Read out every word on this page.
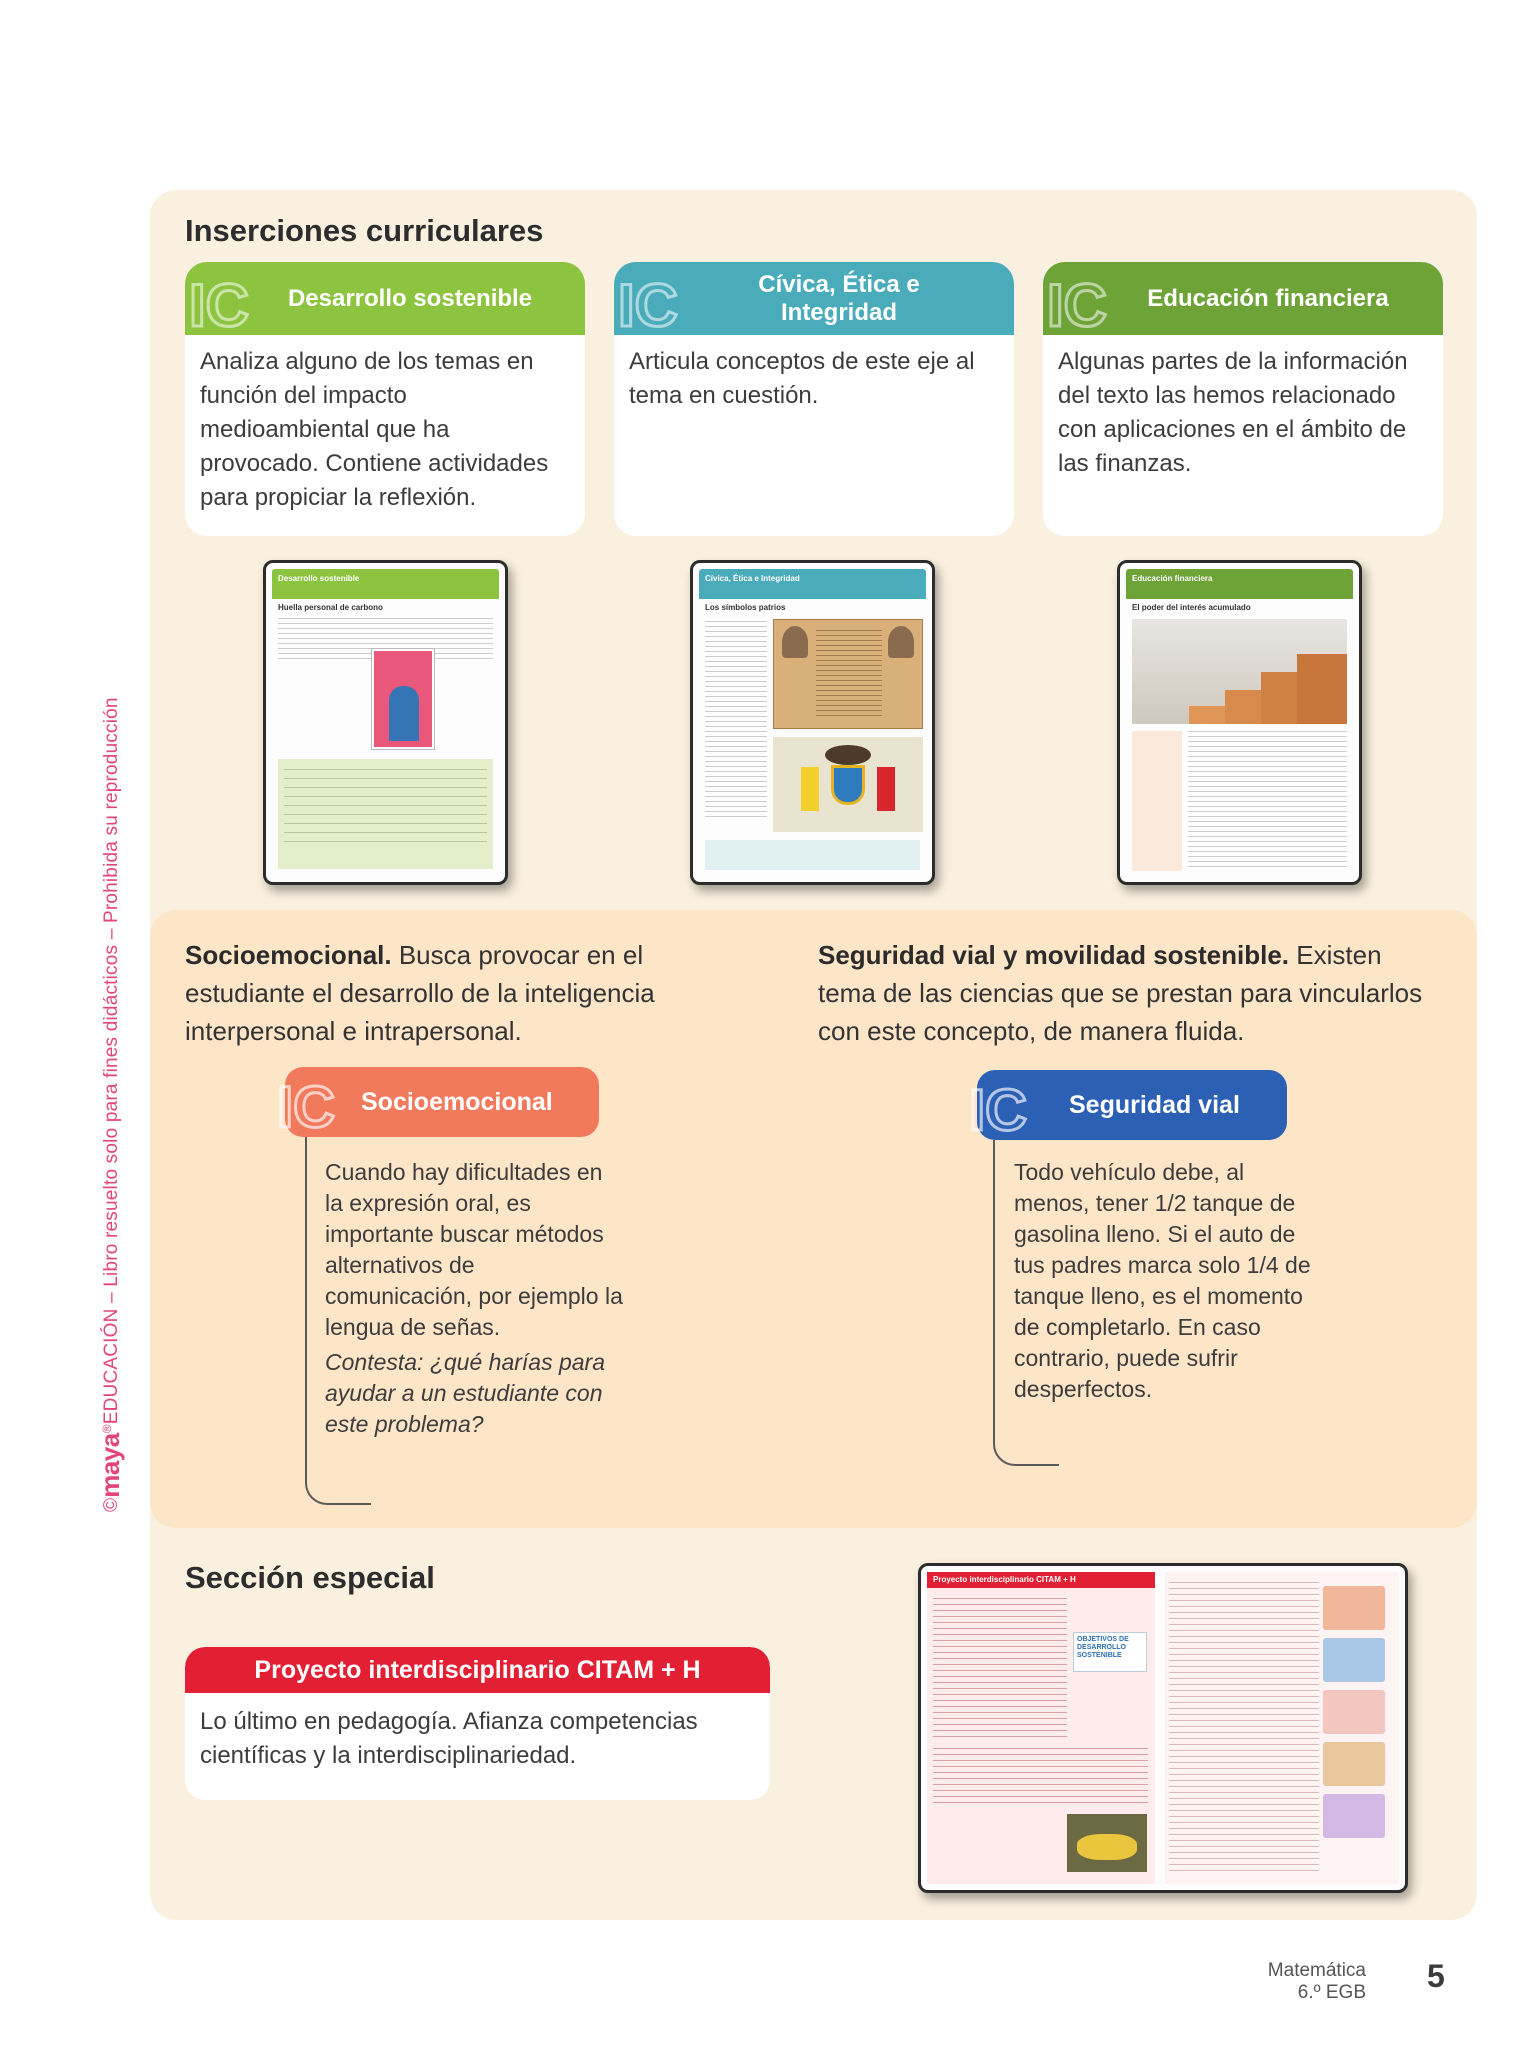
©maya®EDUCACIÓN – Libro resuelto solo para fines didácticos – Prohibida su reproducción
Inserciones curriculares
IC	Desarrollo sostenible
Analiza alguno de los temas en función del impacto medioambiental que ha provocado. Contiene actividades para propiciar la reflexión.
IC	Cívica, Ética e Integridad
Articula conceptos de este eje al tema en cuestión.
IC	Educación financiera
Algunas partes de la información del texto las hemos relacionado con aplicaciones en el ámbito de las finanzas.
Desarrollo sostenible
Huella personal de carbono
Cívica, Ética e Integridad
Los símbolos patrios
Educación financiera
El poder del interés acumulado
Socioemocional. Busca provocar en el estudiante el desarrollo de la inteligencia interpersonal e intrapersonal.
IC	Socioemocional
Cuando hay dificultades en la expresión oral, es importante buscar métodos alternativos de comunicación, por ejemplo la lengua de señas.
Contesta: ¿qué harías para ayudar a un estudiante con este problema?
Seguridad vial y movilidad sostenible. Existen tema de las ciencias que se prestan para vincularlos con este concepto, de manera fluida.
IC	Seguridad vial
Todo vehículo debe, al menos, tener 1/2 tanque de gasolina lleno. Si el auto de tus padres marca solo 1/4 de tanque lleno, es el momento de completarlo. En caso contrario, puede sufrir desperfectos.
Sección especial
Proyecto interdisciplinario CITAM + H
Lo último en pedagogía. Afianza competencias científicas y la interdisciplinariedad.
Proyecto interdisciplinario CITAM + H
OBJETIVOS DE DESARROLLO SOSTENIBLE
Matemática
6.º EGB 5
